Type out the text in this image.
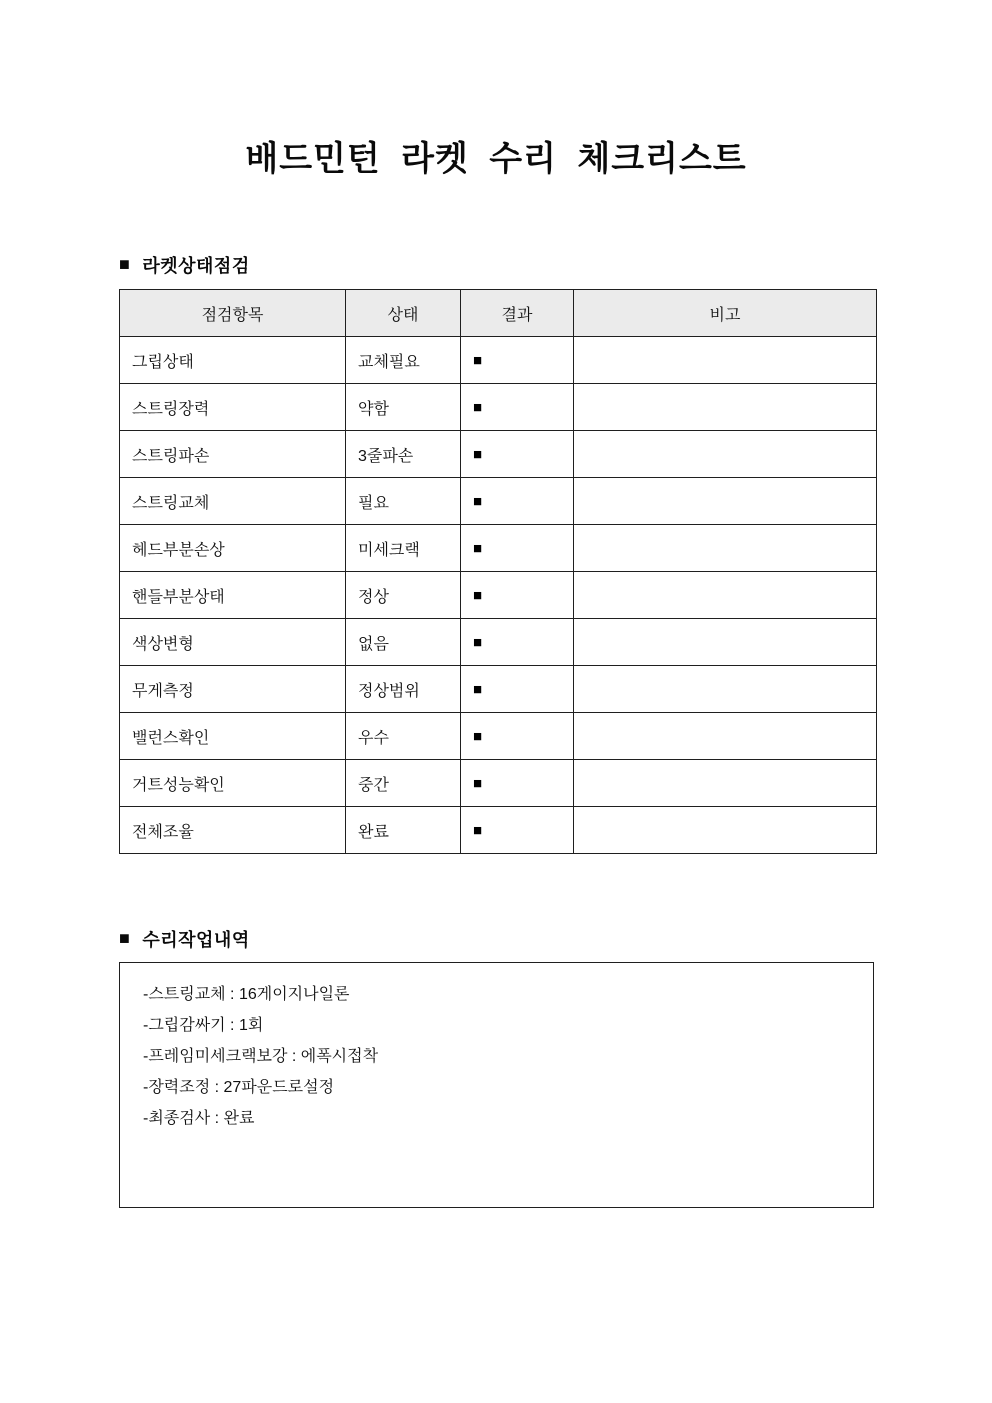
배드민턴 라켓 수리 체크리스트
■ 라켓상태점검
점검항목	상태	결과	비고
그립상태	교체필요	■	
스트링장력	약함	■	
스트링파손	3줄파손	■	
스트링교체	필요	■	
헤드부분손상	미세크랙	■	
핸들부분상태	정상	■	
색상변형	없음	■	
무게측정	정상범위	■	
밸런스확인	우수	■	
거트성능확인	중간	■	
전체조율	완료	■	
■ 수리작업내역
-스트링교체 : 16게이지나일론
-그립감싸기 : 1회
-프레임미세크랙보강 : 에폭시접착
-장력조정 : 27파운드로설정
-최종검사 : 완료
